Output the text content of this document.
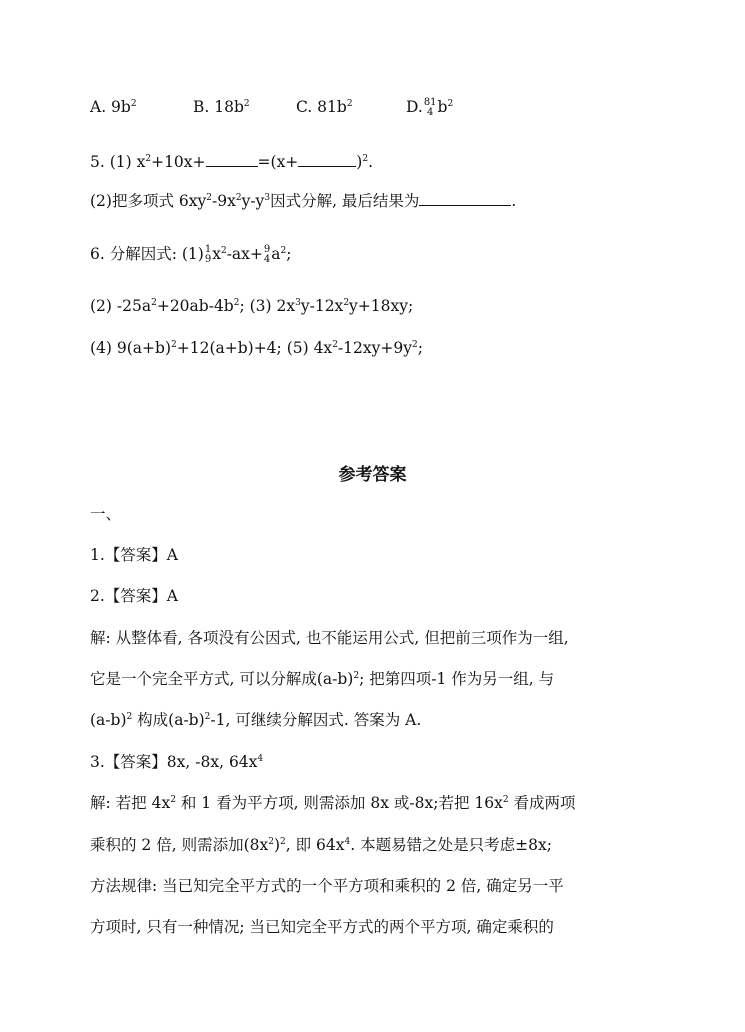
A. $9b^2$	B. $18b^2$	C. $81b^2$	D. 81
4 $b^2$
5. (1) $x^2+10x+$	=(x+	)$^2$.
(2)把多项式 $6xy^2-9x^2y-y^3$因式分解, 最后结果为	.
6. 分解因式: (1) 1
9 $x^2-ax+ 9$
4 $a^2$;
(2) $-25a^2+20ab-4b^2$; (3) $2x^3y-12x^2y+18xy$;
(4) $9(a+b)^2+12(a+b)+4$; (5) $4x^2-12xy+9y^2$;
参考答案
一、
1.【答案】A
2.【答案】A
解: 从整体看, 各项没有公因式, 也不能运用公式, 但把前三项作为一组,
它是一个完全平方式, 可以分解成$(a-b)^2$; 把第四项-1 作为另一组, 与
$(a-b)^2$ 构成$(a-b)^2-1$, 可继续分解因式. 答案为 A.
3.【答案】8x, -8x, $64x^4$
解: 若把 $4x^2$ 和 1 看为平方项, 则需添加 8x 或-8x;若把 $16x^2$ 看成两项
乘积的 2 倍, 则需添加$(8x^2)^2$, 即 $64x^4$. 本题易错之处是只考虑±8x;
方法规律: 当已知完全平方式的一个平方项和乘积的 2 倍, 确定另一平
方项时, 只有一种情况; 当已知完全平方式的两个平方项, 确定乘积的
